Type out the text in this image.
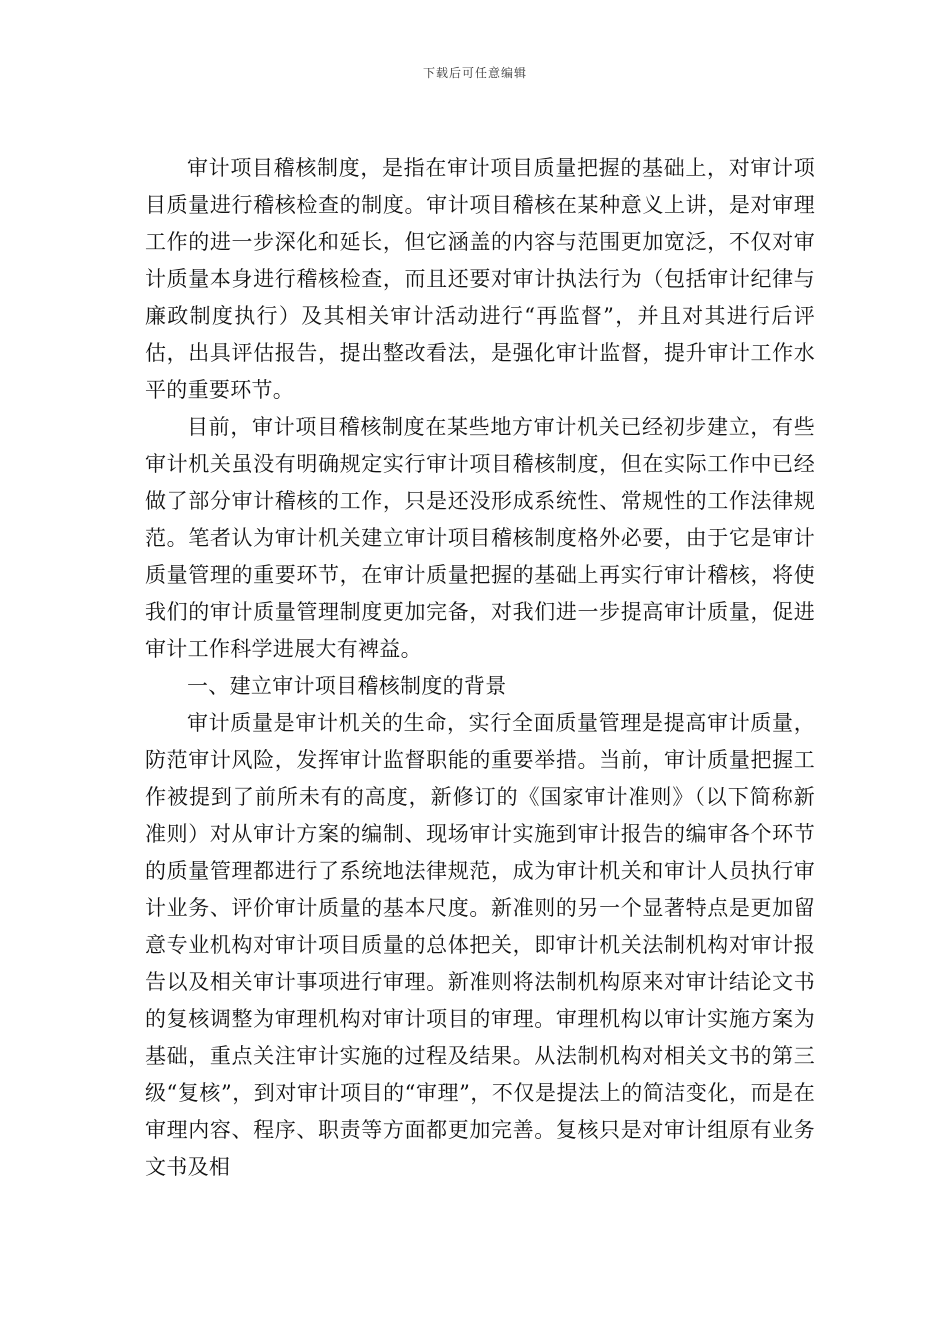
下载后可任意编辑

审计项目稽核制度，是指在审计项目质量把握的基础上，对审计项目质量进行稽核检查的制度。审计项目稽核在某种意义上讲，是对审理工作的进一步深化和延长，但它涵盖的内容与范围更加宽泛，不仅对审计质量本身进行稽核检查，而且还要对审计执法行为（包括审计纪律与廉政制度执行）及其相关审计活动进行“再监督”，并且对其进行后评估，出具评估报告，提出整改看法，是强化审计监督，提升审计工作水平的重要环节。

目前，审计项目稽核制度在某些地方审计机关已经初步建立，有些审计机关虽没有明确规定实行审计项目稽核制度，但在实际工作中已经做了部分审计稽核的工作，只是还没形成系统性、常规性的工作法律规范。笔者认为审计机关建立审计项目稽核制度格外必要，由于它是审计质量管理的重要环节，在审计质量把握的基础上再实行审计稽核，将使我们的审计质量管理制度更加完备，对我们进一步提高审计质量，促进审计工作科学进展大有裨益。

一、建立审计项目稽核制度的背景

审计质量是审计机关的生命，实行全面质量管理是提高审计质量，防范审计风险，发挥审计监督职能的重要举措。当前，审计质量把握工作被提到了前所未有的高度，新修订的《国家审计准则》（以下简称新准则）对从审计方案的编制、现场审计实施到审计报告的编审各个环节的质量管理都进行了系统地法律规范，成为审计机关和审计人员执行审计业务、评价审计质量的基本尺度。新准则的另一个显著特点是更加留意专业机构对审计项目质量的总体把关，即审计机关法制机构对审计报告以及相关审计事项进行审理。新准则将法制机构原来对审计结论文书的复核调整为审理机构对审计项目的审理。审理机构以审计实施方案为基础，重点关注审计实施的过程及结果。从法制机构对相关文书的第三级“复核”，到对审计项目的“审理”，不仅是提法上的简洁变化，而是在审理内容、程序、职责等方面都更加完善。复核只是对审计组原有业务文书及相
